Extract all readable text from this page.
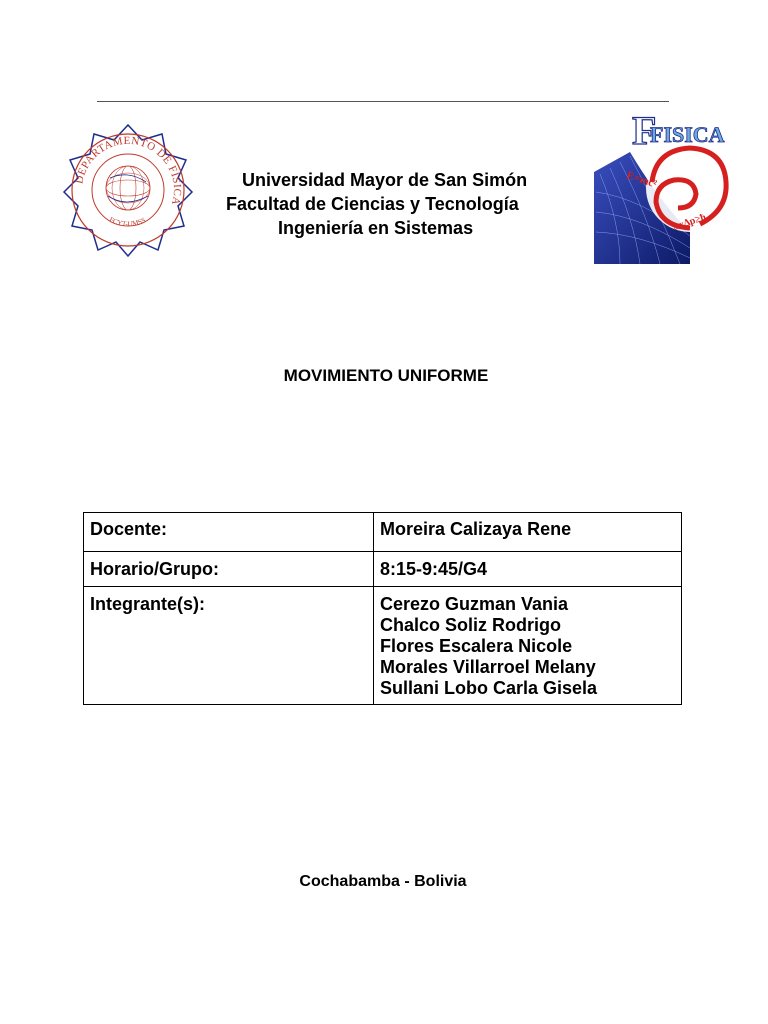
DEPARTAMENTO DE FISICA
FCYT-UMSS
Universidad Mayor de San Simón
Facultad de Ciencias y Tecnología
Ingeniería en Sistemas
Ϝ
FISICA
E=mc²
ΔxΔp≥ħ
MOVIMIENTO UNIFORME
Docente:	Moreira Calizaya Rene
Horario/Grupo:	8:15-9:45/G4
Integrante(s):	Cerezo Guzman Vania
Chalco Soliz Rodrigo
Flores Escalera Nicole
Morales Villarroel Melany
Sullani Lobo Carla Gisela
Cochabamba - Bolivia
